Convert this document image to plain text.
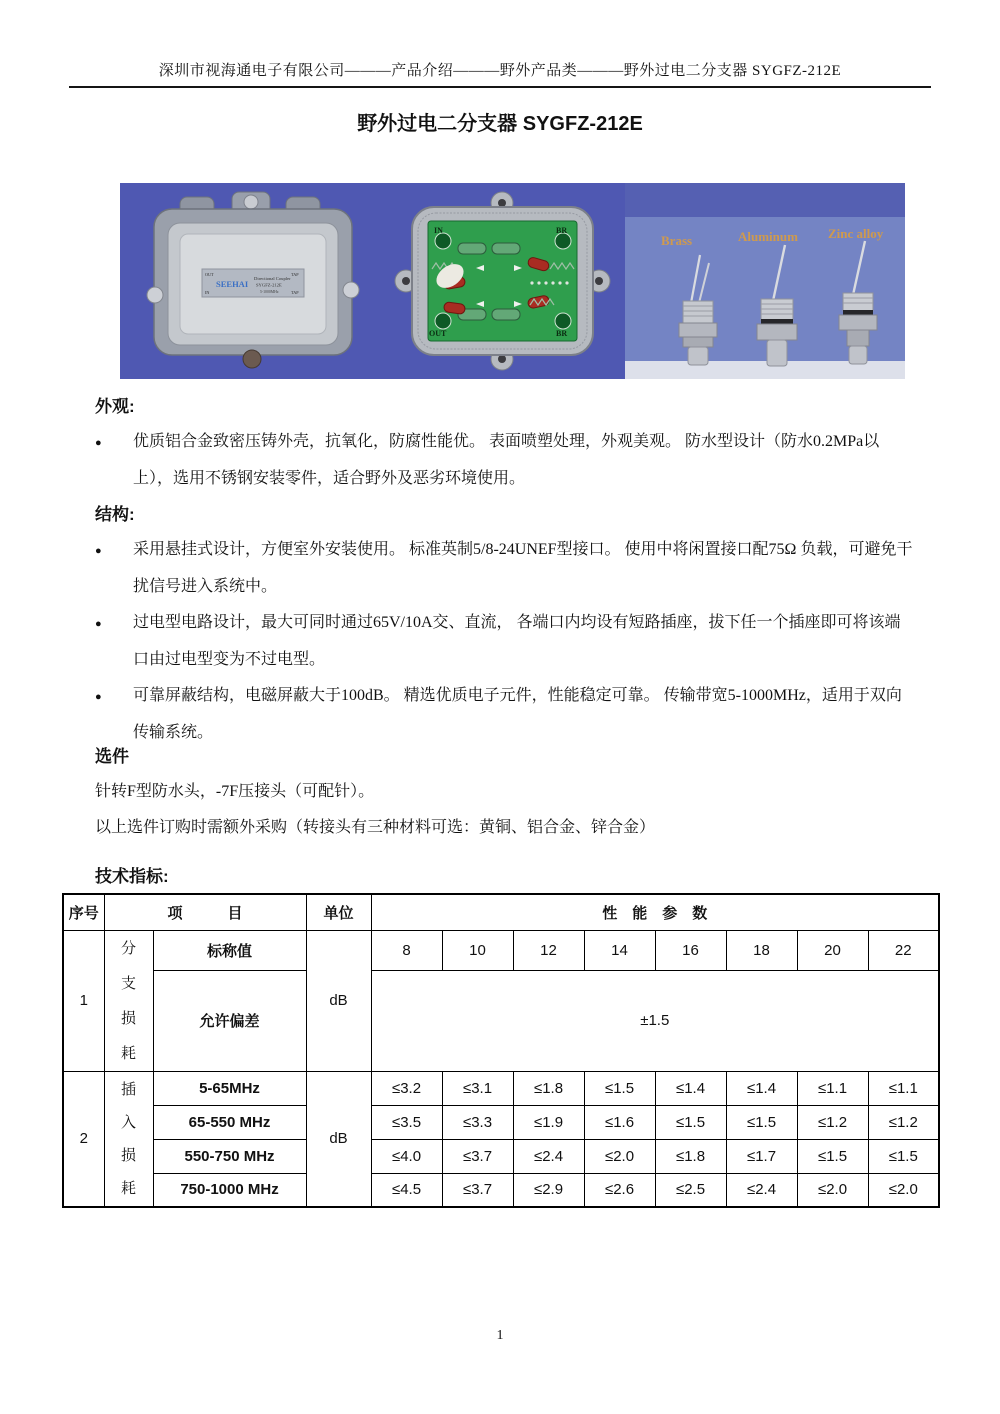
深圳市视海通电子有限公司———产品介绍———野外产品类———野外过电二分支器 SYGFZ-212E
野外过电二分支器 SYGFZ-212E
OUT	TAP
IN	TAP
SEEHAI
Directional Coupler
SYGFZ-212E
5-1000MHz
IN	BR
OUT	BR
Brass	Aluminum Zinc alloy
外观:
●	优质铝合金致密压铸外壳，抗氧化，防腐性能优。 表面喷塑处理，外观美观。 防水型设计（防水0.2MPa以上），选用不锈钢安装零件，适合野外及恶劣环境使用。
结构:
●	采用悬挂式设计，方便室外安装使用。 标准英制5/8-24UNEF型接口。 使用中将闲置接口配75Ω 负载，可避免干扰信号进入系统中。
●	过电型电路设计，最大可同时通过65V/10A交、直流， 各端口内均设有短路插座，拔下任一个插座即可将该端口由过电型变为不过电型。
●	可靠屏蔽结构，电磁屏蔽大于100dB。 精选优质电子元件，性能稳定可靠。 传输带宽5-1000MHz，适用于双向传输系统。
选件
针转F型防水头，-7F压接头（可配针）。
以上选件订购时需额外采购（转接头有三种材料可选：黄铜、铝合金、锌合金）
技术指标:
序号	项　　　目		单位	性　能　参　数							
1	分支损耗	标称值	dB	8	10	12	14	16	18	20	22
		允许偏差		±1.5							
2	插入损耗	5-65MHz	dB	≤3.2	≤3.1	≤1.8	≤1.5	≤1.4	≤1.4	≤1.1	≤1.1
		65-550 MHz		≤3.5	≤3.3	≤1.9	≤1.6	≤1.5	≤1.5	≤1.2	≤1.2
		550-750 MHz		≤4.0	≤3.7	≤2.4	≤2.0	≤1.8	≤1.7	≤1.5	≤1.5
		750-1000 MHz		≤4.5	≤3.7	≤2.9	≤2.6	≤2.5	≤2.4	≤2.0	≤2.0
1
